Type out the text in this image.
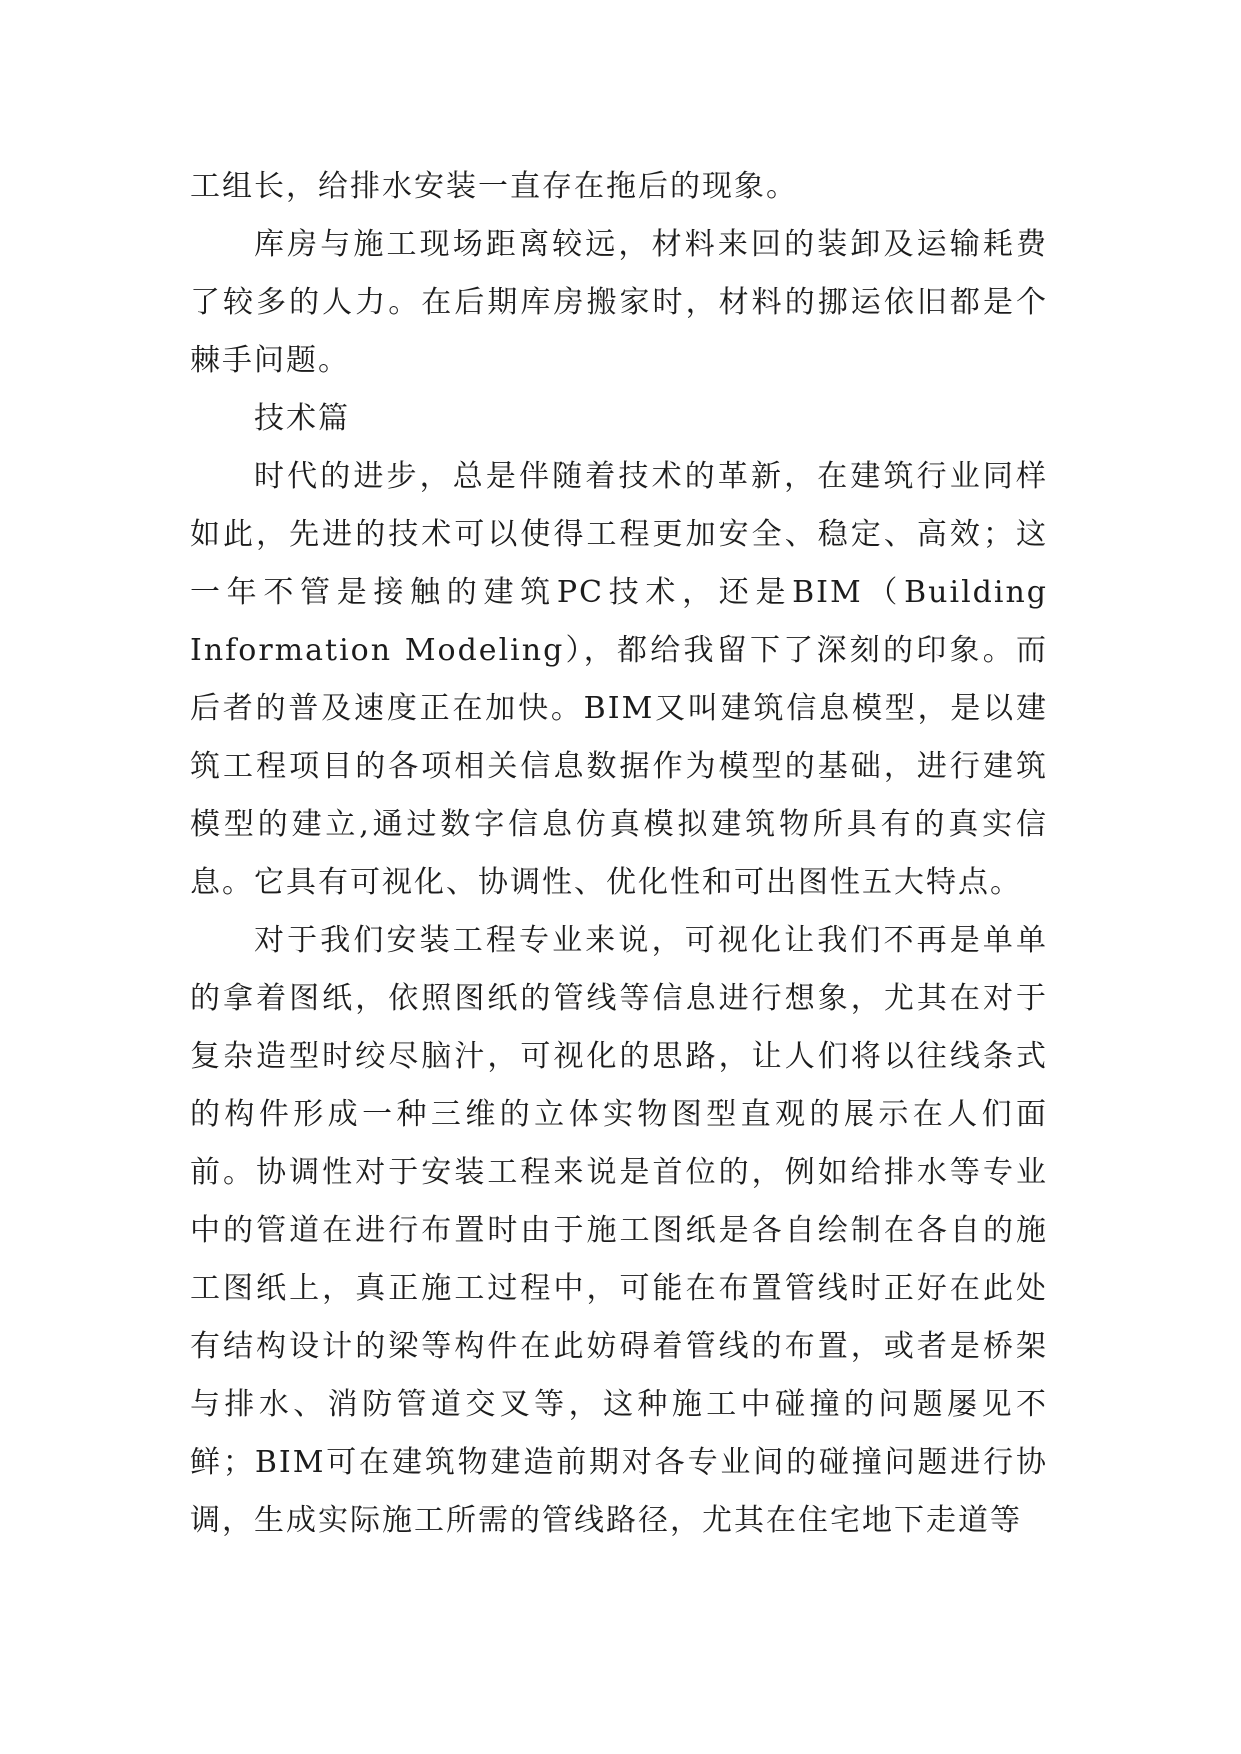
工组长，给排水安装一直存在拖后的现象。

库房与施工现场距离较远，材料来回的装卸及运输耗费了较多的人力。在后期库房搬家时，材料的挪运依旧都是个棘手问题。

技术篇

时代的进步，总是伴随着技术的革新，在建筑行业同样如此，先进的技术可以使得工程更加安全、稳定、高效；这一年不管是接触的建筑PC技术，还是BIM（Building Information Modeling），都给我留下了深刻的印象。而后者的普及速度正在加快。BIM又叫建筑信息模型，是以建筑工程项目的各项相关信息数据作为模型的基础，进行建筑模型的建立,通过数字信息仿真模拟建筑物所具有的真实信息。它具有可视化、协调性、优化性和可出图性五大特点。

对于我们安装工程专业来说，可视化让我们不再是单单的拿着图纸，依照图纸的管线等信息进行想象，尤其在对于复杂造型时绞尽脑汁，可视化的思路，让人们将以往线条式的构件形成一种三维的立体实物图型直观的展示在人们面前。协调性对于安装工程来说是首位的，例如给排水等专业中的管道在进行布置时由于施工图纸是各自绘制在各自的施工图纸上，真正施工过程中，可能在布置管线时正好在此处有结构设计的梁等构件在此妨碍着管线的布置，或者是桥架与排水、消防管道交叉等，这种施工中碰撞的问题屡见不鲜；BIM可在建筑物建造前期对各专业间的碰撞问题进行协调，生成实际施工所需的管线路径，尤其在住宅地下走道等
